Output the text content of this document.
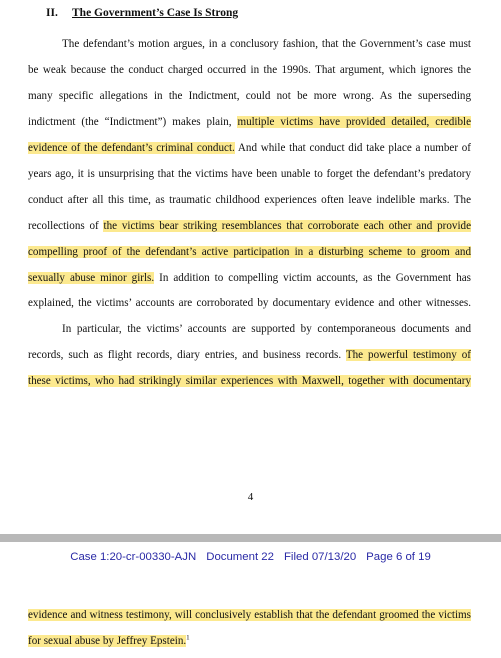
II. The Government’s Case Is Strong
The defendant’s motion argues, in a conclusory fashion, that the Government’s case must
be weak because the conduct charged occurred in the 1990s. That argument, which ignores the
many specific allegations in the Indictment, could not be more wrong. As the superseding
indictment (the “Indictment”) makes plain, multiple victims have provided detailed, credible
evidence of the defendant’s criminal conduct. And while that conduct did take place a number of
years ago, it is unsurprising that the victims have been unable to forget the defendant’s predatory
conduct after all this time, as traumatic childhood experiences often leave indelible marks. The
recollections of the victims bear striking resemblances that corroborate each other and provide
compelling proof of the defendant’s active participation in a disturbing scheme to groom and
sexually abuse minor girls. In addition to compelling victim accounts, as the Government has
explained, the victims’ accounts are corroborated by documentary evidence and other witnesses.
In particular, the victims’ accounts are supported by contemporaneous documents and
records, such as flight records, diary entries, and business records. The powerful testimony of
these victims, who had strikingly similar experiences with Maxwell, together with documentary
4
Case 1:20-cr-00330-AJN Document 22 Filed 07/13/20 Page 6 of 19
evidence and witness testimony, will conclusively establish that the defendant groomed the victims
for sexual abuse by Jeffrey Epstein.$^1$
